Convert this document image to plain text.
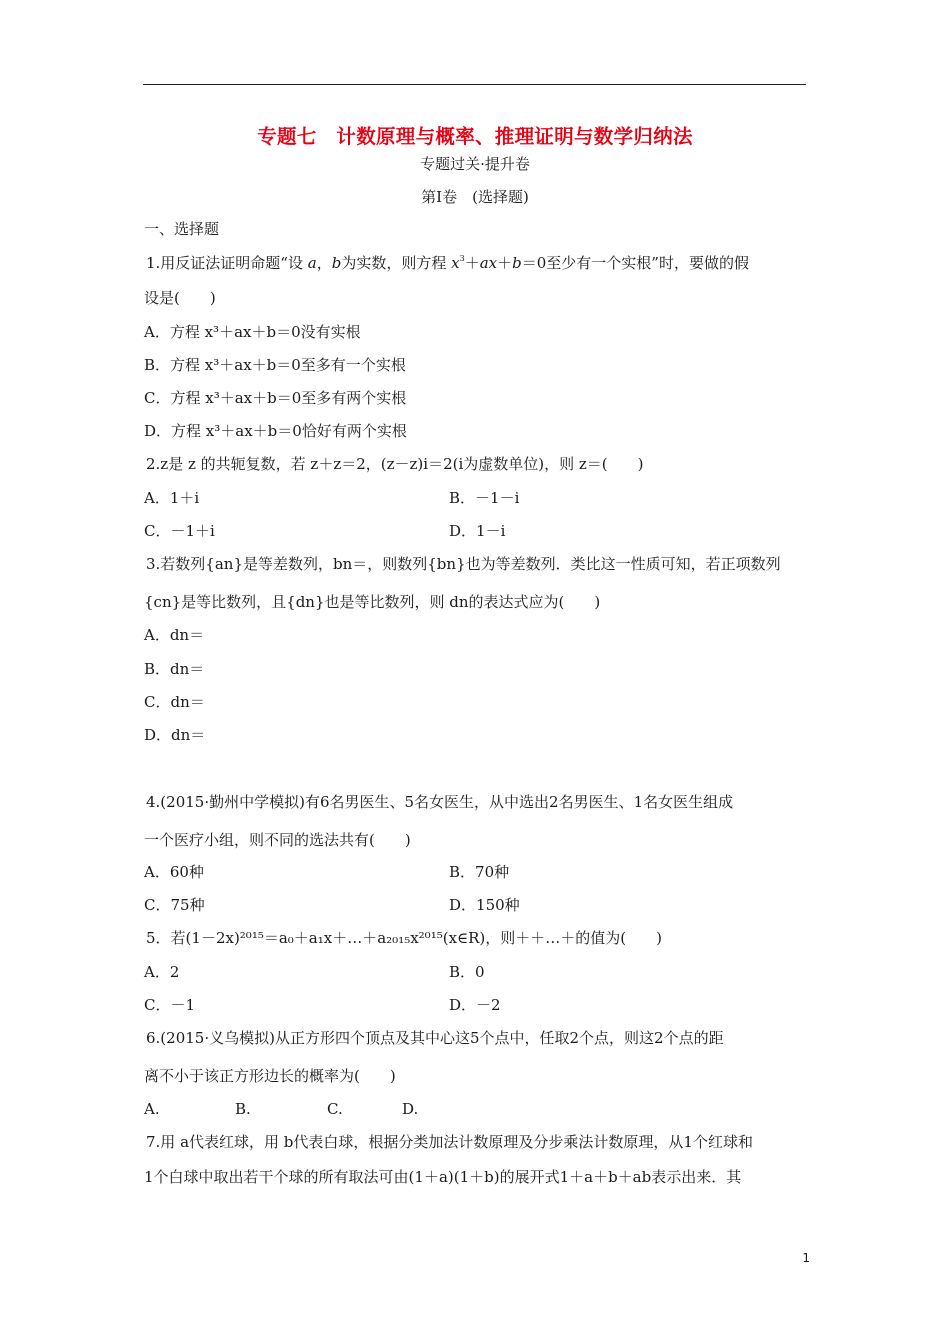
专题七　计数原理与概率、推理证明与数学归纳法
专题过关·提升卷
第Ⅰ卷　(选择题)
一、选择题
1.用反证法证明命题“设 a，b为实数，则方程 $x^3+ax+b=0$至少有一个实根”时，要做的假
设是(　　)
A．方程 x³＋ax＋b＝0没有实根
B．方程 x³＋ax＋b＝0至多有一个实根
C．方程 x³＋ax＋b＝0至多有两个实根
D．方程 x³＋ax＋b＝0恰好有两个实根
2.z是 z 的共轭复数，若 z＋z＝2，(z－z)i＝2(i为虚数单位)，则 z＝(　　)
A．1＋i	B．－1－i
C．－1＋i	D．1－i
3.若数列{an}是等差数列，bn＝，则数列{bn}也为等差数列．类比这一性质可知，若正项数列
{cn}是等比数列，且{dn}也是等比数列，则 dn的表达式应为(　　)
A．dn＝
B．dn＝
C．dn＝
D．dn＝
4.(2015·勤州中学模拟)有6名男医生、5名女医生，从中选出2名男医生、1名女医生组成
一个医疗小组，则不同的选法共有(　　)
A．60种	B．70种
C．75种	D．150种
5．若(1－2x)²⁰¹⁵＝a₀＋a₁x＋…＋a₂₀₁₅x²⁰¹⁵(x∈R)，则＋＋…＋的值为(　　)
A．2	B．0
C．－1	D．－2
6.(2015·义乌模拟)从正方形四个顶点及其中心这5个点中，任取2个点，则这2个点的距
离不小于该正方形边长的概率为(　　)
A.	B.	C.	D.
7.用 a代表红球，用 b代表白球，根据分类加法计数原理及分步乘法计数原理，从1个红球和
1个白球中取出若干个球的所有取法可由(1＋a)(1＋b)的展开式1＋a＋b＋ab表示出来．其
1
